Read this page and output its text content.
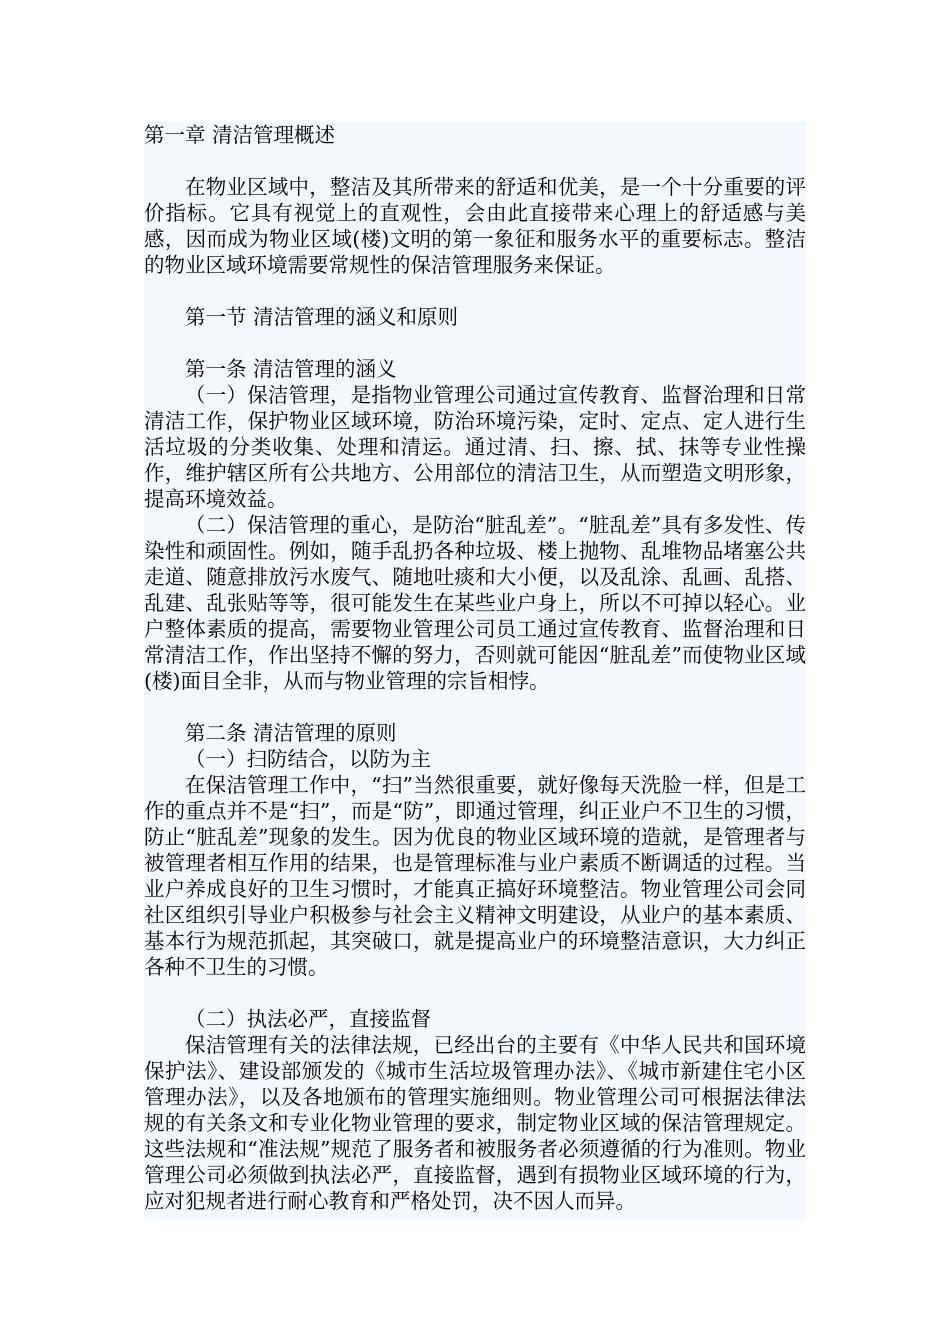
第一章 清洁管理概述

在物业区域中，整洁及其所带来的舒适和优美，是一个十分重要的评价指标。它具有视觉上的直观性，会由此直接带来心理上的舒适感与美感，因而成为物业区域(楼)文明的第一象征和服务水平的重要标志。整洁的物业区域环境需要常规性的保洁管理服务来保证。

第一节 清洁管理的涵义和原则

第一条 清洁管理的涵义

（一）保洁管理，是指物业管理公司通过宣传教育、监督治理和日常清洁工作，保护物业区域环境，防治环境污染，定时、定点、定人进行生活垃圾的分类收集、处理和清运。通过清、扫、擦、拭、抹等专业性操作，维护辖区所有公共地方、公用部位的清洁卫生，从而塑造文明形象，提高环境效益。

（二）保洁管理的重心，是防治“脏乱差”。“脏乱差”具有多发性、传染性和顽固性。例如，随手乱扔各种垃圾、楼上抛物、乱堆物品堵塞公共走道、随意排放污水废气、随地吐痰和大小便，以及乱涂、乱画、乱搭、乱建、乱张贴等等，很可能发生在某些业户身上，所以不可掉以轻心。业户整体素质的提高，需要物业管理公司员工通过宣传教育、监督治理和日常清洁工作，作出坚持不懈的努力，否则就可能因“脏乱差”而使物业区域(楼)面目全非，从而与物业管理的宗旨相悖。

第二条 清洁管理的原则

（一）扫防结合，以防为主

在保洁管理工作中，“扫”当然很重要，就好像每天洗脸一样，但是工作的重点并不是“扫”，而是“防”，即通过管理，纠正业户不卫生的习惯，防止“脏乱差”现象的发生。因为优良的物业区域环境的造就，是管理者与被管理者相互作用的结果，也是管理标准与业户素质不断调适的过程。当业户养成良好的卫生习惯时，才能真正搞好环境整洁。物业管理公司会同社区组织引导业户积极参与社会主义精神文明建设，从业户的基本素质、基本行为规范抓起，其突破口，就是提高业户的环境整洁意识，大力纠正各种不卫生的习惯。

（二）执法必严，直接监督

保洁管理有关的法律法规，已经出台的主要有《中华人民共和国环境保护法》、建设部颁发的《城市生活垃圾管理办法》、《城市新建住宅小区管理办法》，以及各地颁布的管理实施细则。物业管理公司可根据法律法规的有关条文和专业化物业管理的要求，制定物业区域的保洁管理规定。这些法规和“准法规”规范了服务者和被服务者必须遵循的行为准则。物业管理公司必须做到执法必严，直接监督，遇到有损物业区域环境的行为，应对犯规者进行耐心教育和严格处罚，决不因人而异。
